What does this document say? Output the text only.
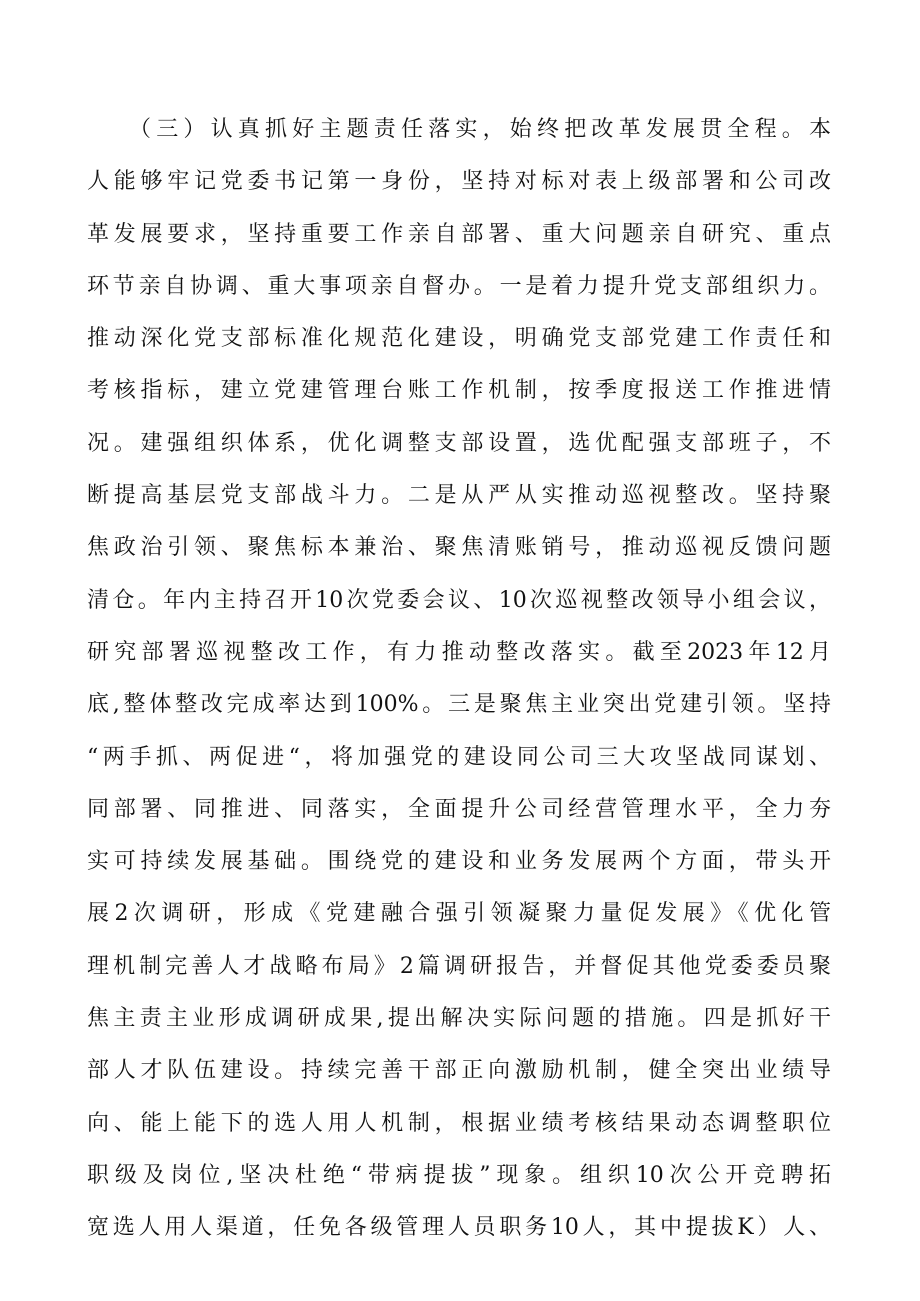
（三）认真抓好主题责任落实，始终把改革发展贯全程。本
人能够牢记党委书记第一身份，坚持对标对表上级部署和公司改
革发展要求，坚持重要工作亲自部署、重大问题亲自研究、重点
环节亲自协调、重大事项亲自督办。一是着力提升党支部组织力。
推动深化党支部标准化规范化建设，明确党支部党建工作责任和
考核指标，建立党建管理台账工作机制，按季度报送工作推进情
况。建强组织体系，优化调整支部设置，选优配强支部班子，不
断提高基层党支部战斗力。二是从严从实推动巡视整改。坚持聚
焦政治引领、聚焦标本兼治、聚焦清账销号，推动巡视反馈问题
清仓。年内主持召开10次党委会议、10次巡视整改领导小组会议，
研究部署巡视整改工作，有力推动整改落实。截至2023年12月
底,整体整改完成率达到100%。三是聚焦主业突出党建引领。坚持
“两手抓、两促进“，将加强党的建设同公司三大攻坚战同谋划、
同部署、同推进、同落实，全面提升公司经营管理水平，全力夯
实可持续发展基础。围绕党的建设和业务发展两个方面，带头开
展2次调研，形成《党建融合强引领凝聚力量促发展》《优化管
理机制完善人才战略布局》2篇调研报告，并督促其他党委委员聚
焦主责主业形成调研成果,提出解决实际问题的措施。四是抓好干
部人才队伍建设。持续完善干部正向激励机制，健全突出业绩导
向、能上能下的选人用人机制，根据业绩考核结果动态调整职位
职级及岗位,坚决杜绝“带病提拔”现象。组织10次公开竞聘拓
宽选人用人渠道，任免各级管理人员职务10人，其中提拔K）人、
